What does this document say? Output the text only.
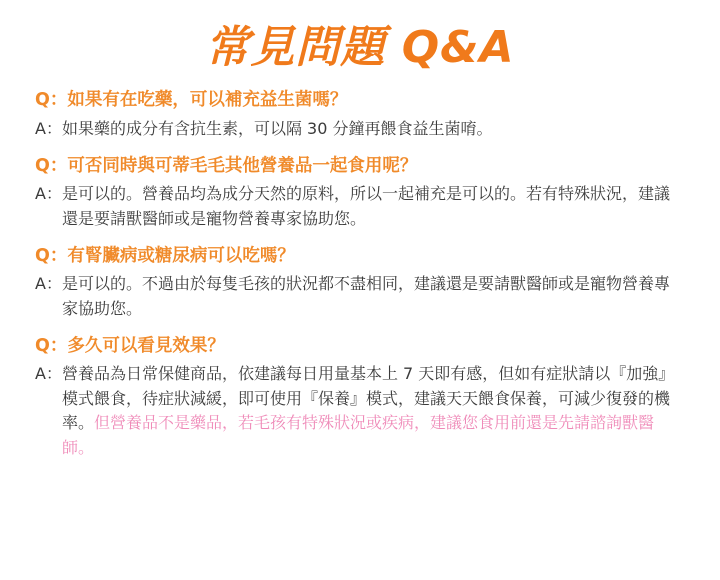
常見問題 Q&A
Q：如果有在吃藥，可以補充益生菌嗎？
A： 如果藥的成分有含抗生素，可以隔 30 分鐘再餵食益生菌唷。
Q：可否同時與可蒂毛毛其他營養品一起食用呢？
A： 是可以的。營養品均為成分天然的原料，所以一起補充是可以的。若有特殊狀況，建議還是要請獸醫師或是寵物營養專家協助您。
Q：有腎臟病或糖尿病可以吃嗎？
A： 是可以的。不過由於每隻毛孩的狀況都不盡相同，建議還是要請獸醫師或是寵物營養專家協助您。
Q：多久可以看見效果？
A： 營養品為日常保健商品，依建議每日用量基本上 7 天即有感，但如有症狀請以『加強』模式餵食，待症狀減緩，即可使用『保養』模式，建議天天餵食保養，可減少復發的機率。但營養品不是藥品，若毛孩有特殊狀況或疾病，建議您食用前還是先請諮詢獸醫師。
